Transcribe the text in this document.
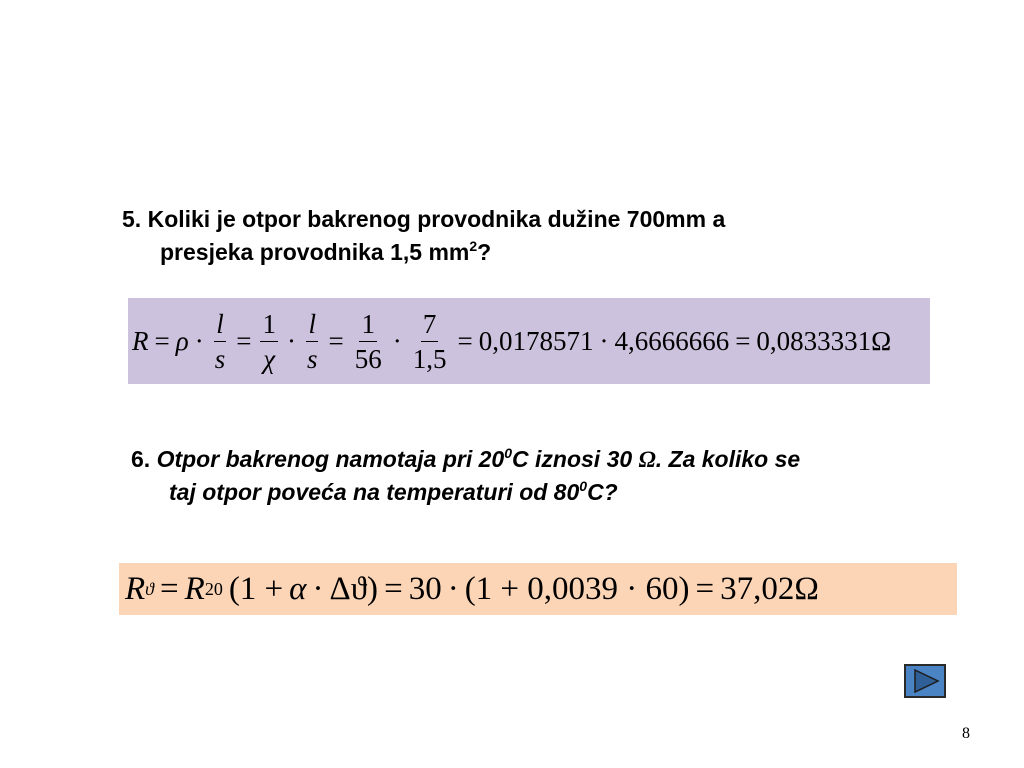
5. Koliki je otpor bakrenog provodnika dužine 700mm a
presjeka provodnika 1,5 $mm^2$?
$R = \rho \cdot \frac{l}{s} = \frac{1}{\chi} \cdot \frac{l}{s} = \frac{1}{56} \cdot \frac{7}{1,5} = 0,0178571 \cdot 4,6666666 = 0,0833331\Omega$
6. Otpor bakrenog namotaja pri $20^0C$ iznosi 30 Ω. Za koliko se
taj otpor poveća na temperaturi od $80^0C$?
R ϑ = R 20 (1 + α · Δϑ) = 30 · (1 + 0,0039 · 60) = 37,02Ω
8
